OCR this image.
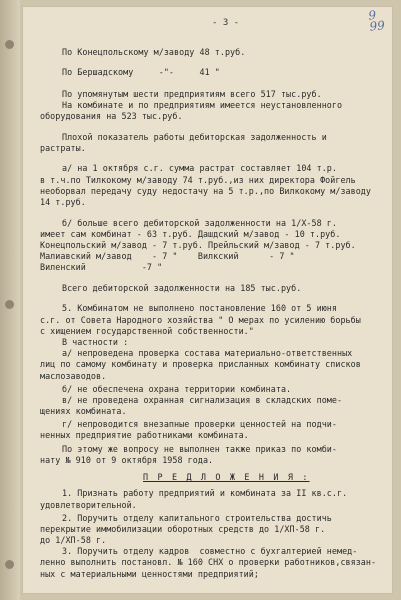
9
99
- 3 -
По Конецпольскому м/заводу 48 т.руб.
По Бершадскому     -"-     41 "
По упомянутым шести предприятиям всего 517 тыс.руб.
На комбинате и по предприятиям имеется неустановленного
оборудования на 523 тыс.руб.
Плохой показатель работы дебиторская задолженность и
растраты.
а/ на 1 октября с.г. сумма растрат составляет 104 т.р.
в т.ч.по Тилкокому м/заводу 74 т.руб.,из них директора Фойгель
необорвал передачу суду недостачу на 5 т.р.,по Вилкокому м/заводу
14 т.руб.
б/ больше всего дебиторской задолженности на 1/Х-58 г.
имеет сам комбинат - 63 т.руб. Дашдский м/завод - 10 т.руб.
Конецпольский м/завод - 7 т.руб. Прейльский м/завод - 7 т.руб.
Малиавский м/завод    - 7 "    Вилкский      - 7 "
Виленский           -7 "
Всего дебиторской задолженности на 185 тыс.руб.
5. Комбинатом не выполнено постановление 160 от 5 июня
с.г. от Совета Народного хозяйства " О мерах по усилению борьбы
с хищением государственной собственности."
В частности :
а/ непроведена проверка состава материально-ответственных
лиц по самому комбинату и проверка присланных комбинату списков
маслозаводов.
б/ не обеспечена охрана территории комбината.
в/ не проведена охранная сигнализация в складских поме-
щениях комбината.
г/ непроводится внезапные проверки ценностей на подчи-
ненных предприятие работниками комбината.
По этому же вопросу не выполнен также приказ по комби-
нату № 910 от 9 октября 1958 года.
П Р Е Д Л О Ж Е Н И Я :
1. Признать работу предприятий и комбината за II кв.с.г.
удовлетворительной.
2. Поручить отделу капитального строительства достичь
перекрытие иммобилизации оборотных средств до 1/ХП-58 г.
до 1/ХП-58 г.
3. Поручить отделу кадров  совместно с бухгалтерией немед-
ленно выполнить постановл. № 160 СНХ о проверки работников,связан-
ных с материальными ценностями предприятий;
